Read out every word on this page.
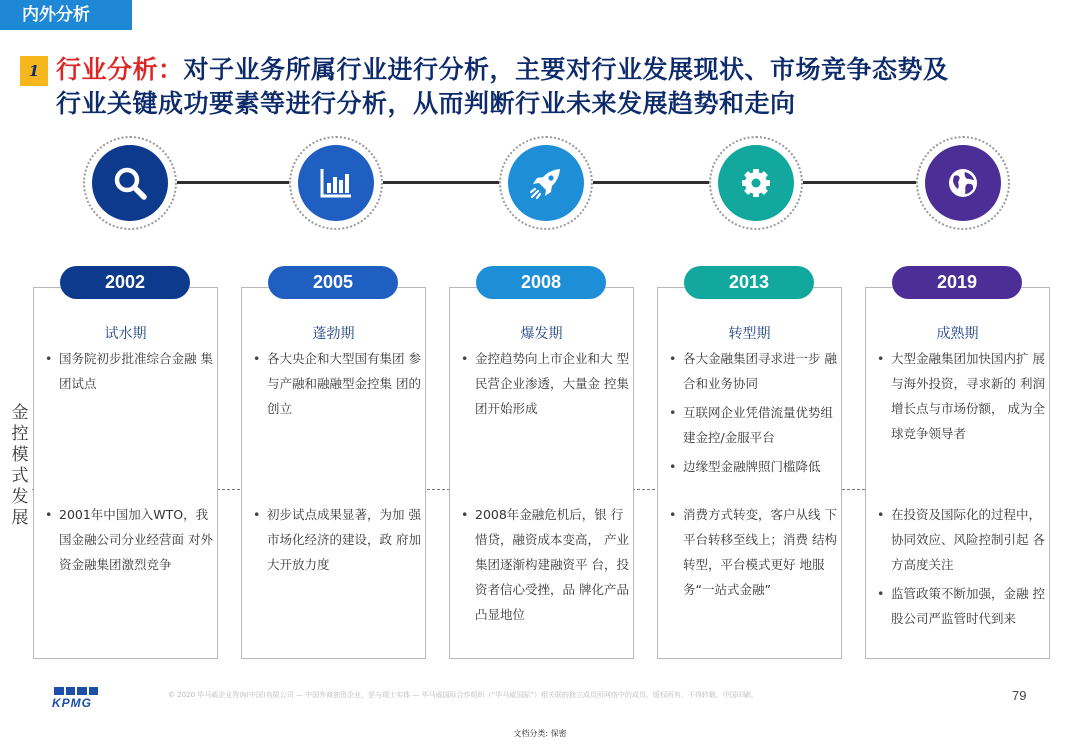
内外分析
1 行业分析：对子业务所属行业进行分析，主要对行业发展现状、市场竞争态势及
行业关键成功要素等进行分析，从而判断行业未来发展趋势和走向
金控模式发展
试水期
• 国务院初步批准综合金融 集团试点
• 2001年中国加入WTO，我国金融公司分业经营面 对外资金融集团激烈竞争
2002
蓬勃期
• 各大央企和大型国有集团 参与产融和融融型金控集 团的创立
• 初步试点成果显著，为加 强市场化经济的建设，政 府加大开放力度
2005
爆发期
• 金控趋势向上市企业和大 型民营企业渗透，大量金 控集团开始形成
• 2008年金融危机后，银 行惜贷，融资成本变高， 产业集团逐渐构建融资平 台，投资者信心受挫，品 牌化产品凸显地位
2008
转型期
• 各大金融集团寻求进一步 融合和业务协同
• 互联网企业凭借流量优势组建金控/金服平台
• 边缘型金融牌照门槛降低
• 消费方式转变，客户从线 下平台转移至线上；消费 结构转型，平台模式更好 地服务“一站式金融”
2013
成熟期
• 大型金融集团加快国内扩 展与海外投资，寻求新的 利润增长点与市场份额， 成为全球竞争领导者
• 在投资及国际化的过程中，协同效应、风险控制引起 各方高度关注
• 监管政策不断加强，金融 控股公司严监管时代到来
2019
KPMG
© 2020 毕马威企业咨询(中国)有限公司 — 中国外商独资企业，是与瑞士实体 — 毕马威国际合作组织（“毕马威国际”）相关联的独立成员所网络中的成员。版权所有，不得转载。中国印刷。	79
文档分类: 保密
